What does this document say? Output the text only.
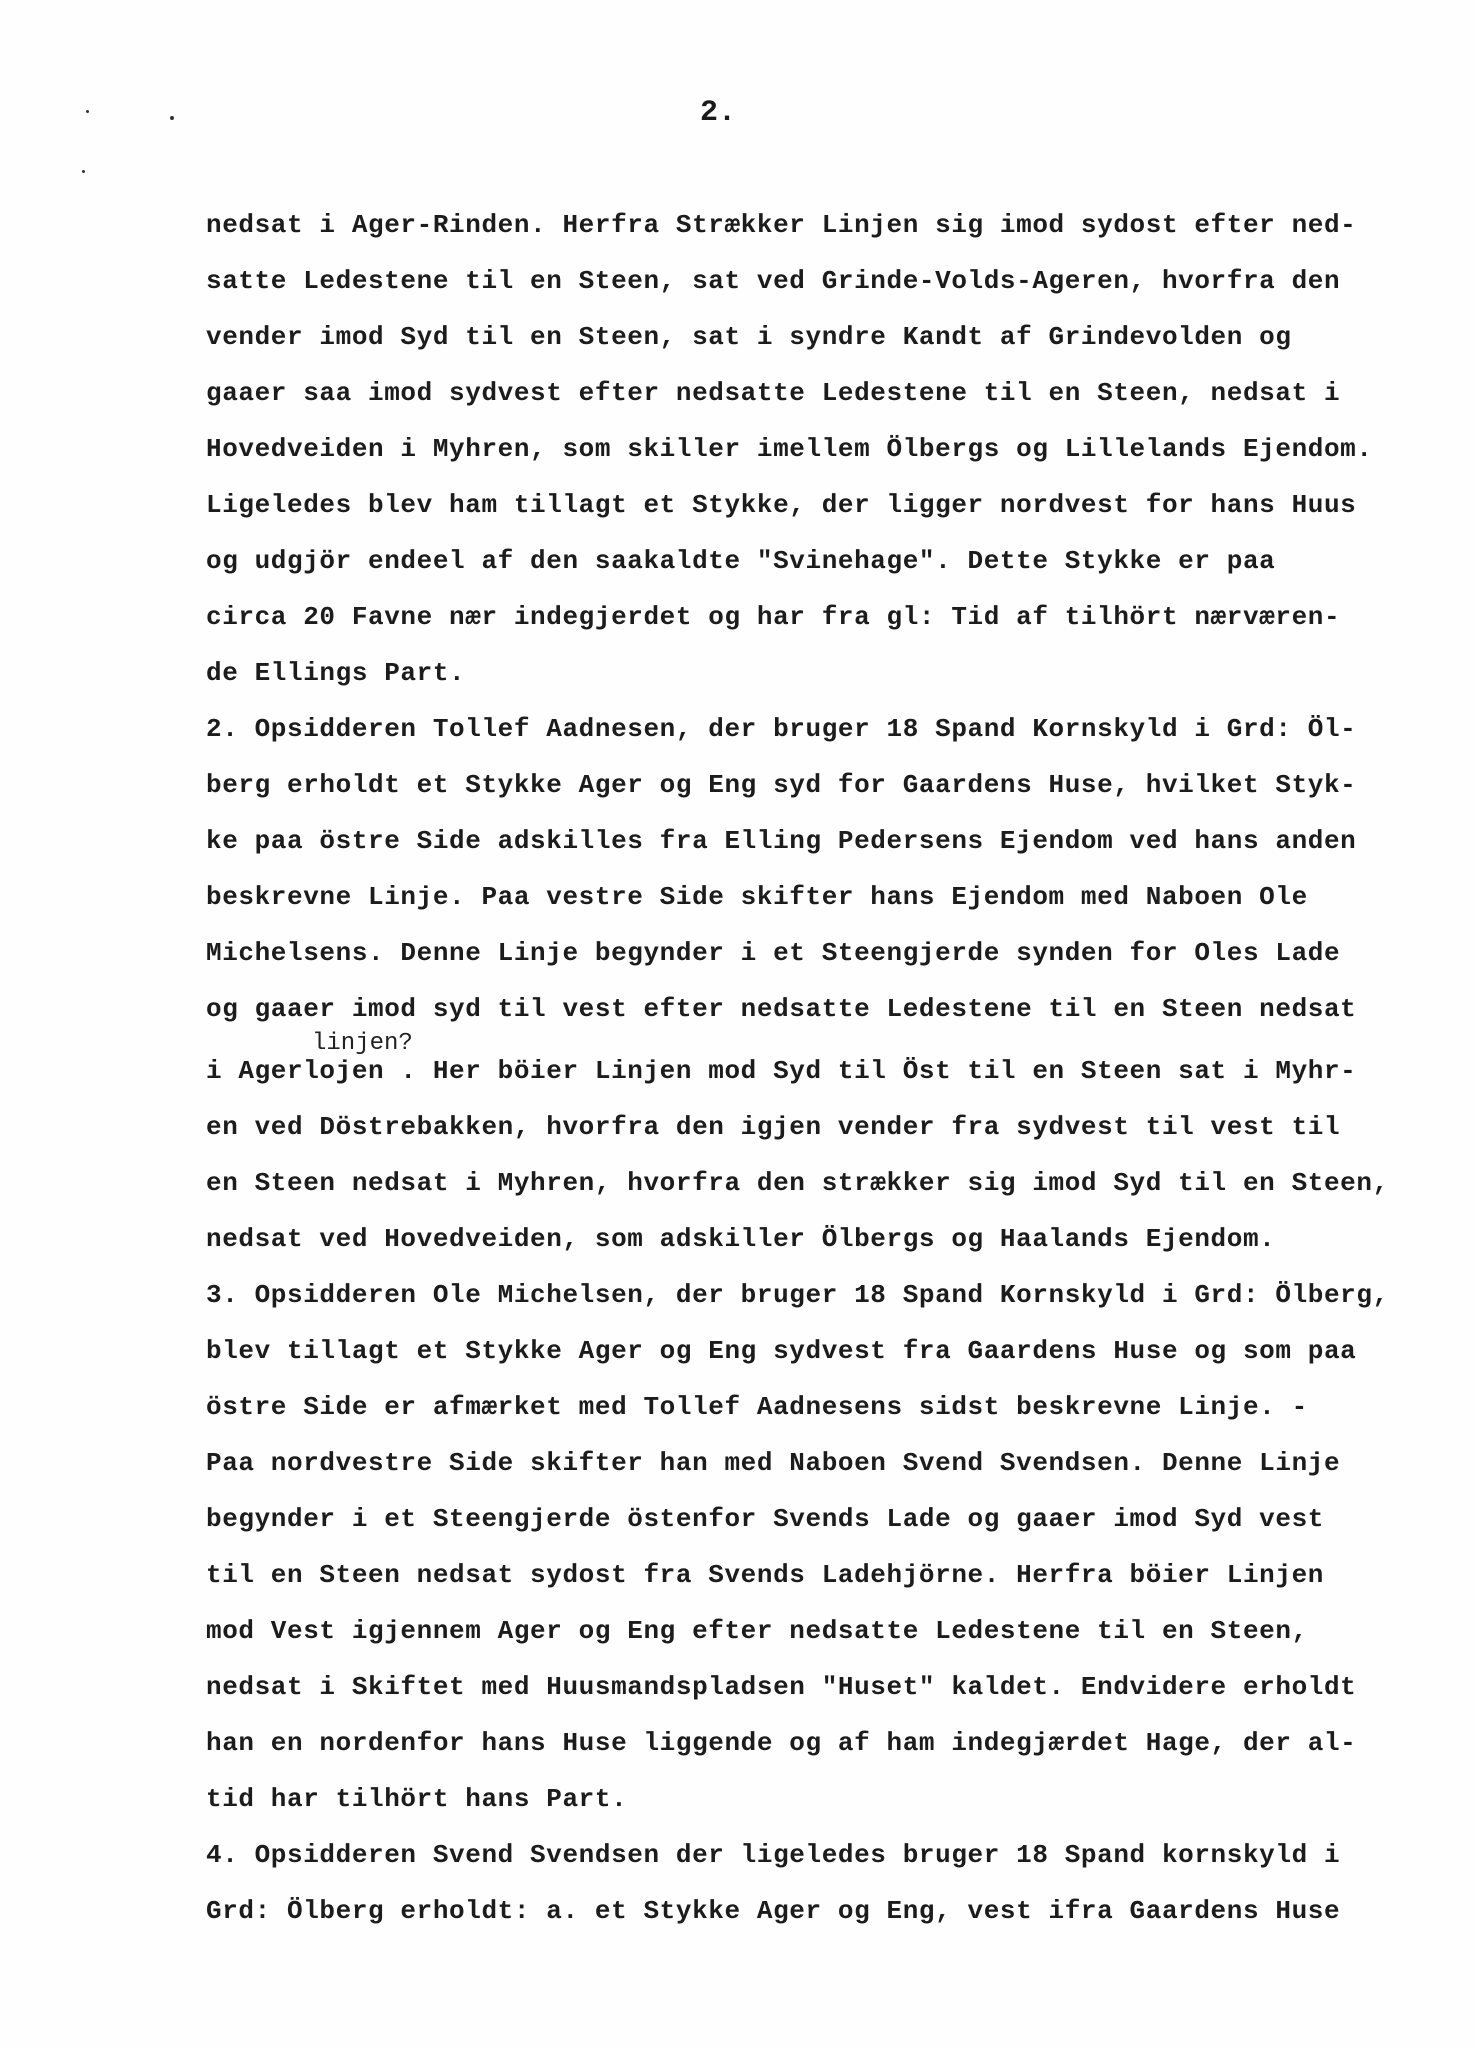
2.
nedsat i Ager-Rinden. Herfra Strækker Linjen sig imod sydost efter ned-
satte Ledestene til en Steen, sat ved Grinde-Volds-Ageren, hvorfra den
vender imod Syd til en Steen, sat i syndre Kandt af Grindevolden og
gaaer saa imod sydvest efter nedsatte Ledestene til en Steen, nedsat i
Hovedveiden i Myhren, som skiller imellem Ölbergs og Lillelands Ejendom.
Ligeledes blev ham tillagt et Stykke, der ligger nordvest for hans Huus
og udgjör endeel af den saakaldte "Svinehage". Dette Stykke er paa
circa 20 Favne nær indegjerdet og har fra gl: Tid af tilhört nærværen-
de Ellings Part.
2. Opsidderen Tollef Aadnesen, der bruger 18 Spand Kornskyld i Grd: Öl-
berg erholdt et Stykke Ager og Eng syd for Gaardens Huse, hvilket Styk-
ke paa östre Side adskilles fra Elling Pedersens Ejendom ved hans anden
beskrevne Linje. Paa vestre Side skifter hans Ejendom med Naboen Ole
Michelsens. Denne Linje begynder i et Steengjerde synden for Oles Lade
og gaaer imod syd til vest efter nedsatte Ledestene til en Steen nedsat
linjen?
i Agerlojen . Her böier Linjen mod Syd til Öst til en Steen sat i Myhr-
en ved Döstrebakken, hvorfra den igjen vender fra sydvest til vest til
en Steen nedsat i Myhren, hvorfra den strækker sig imod Syd til en Steen,
nedsat ved Hovedveiden, som adskiller Ölbergs og Haalands Ejendom.
3. Opsidderen Ole Michelsen, der bruger 18 Spand Kornskyld i Grd: Ölberg,
blev tillagt et Stykke Ager og Eng sydvest fra Gaardens Huse og som paa
östre Side er afmærket med Tollef Aadnesens sidst beskrevne Linje. -
Paa nordvestre Side skifter han med Naboen Svend Svendsen. Denne Linje
begynder i et Steengjerde östenfor Svends Lade og gaaer imod Syd vest
til en Steen nedsat sydost fra Svends Ladehjörne. Herfra böier Linjen
mod Vest igjennem Ager og Eng efter nedsatte Ledestene til en Steen,
nedsat i Skiftet med Huusmandspladsen "Huset" kaldet. Endvidere erholdt
han en nordenfor hans Huse liggende og af ham indegjærdet Hage, der al-
tid har tilhört hans Part.
4. Opsidderen Svend Svendsen der ligeledes bruger 18 Spand kornskyld i
Grd: Ölberg erholdt: a. et Stykke Ager og Eng, vest ifra Gaardens Huse
